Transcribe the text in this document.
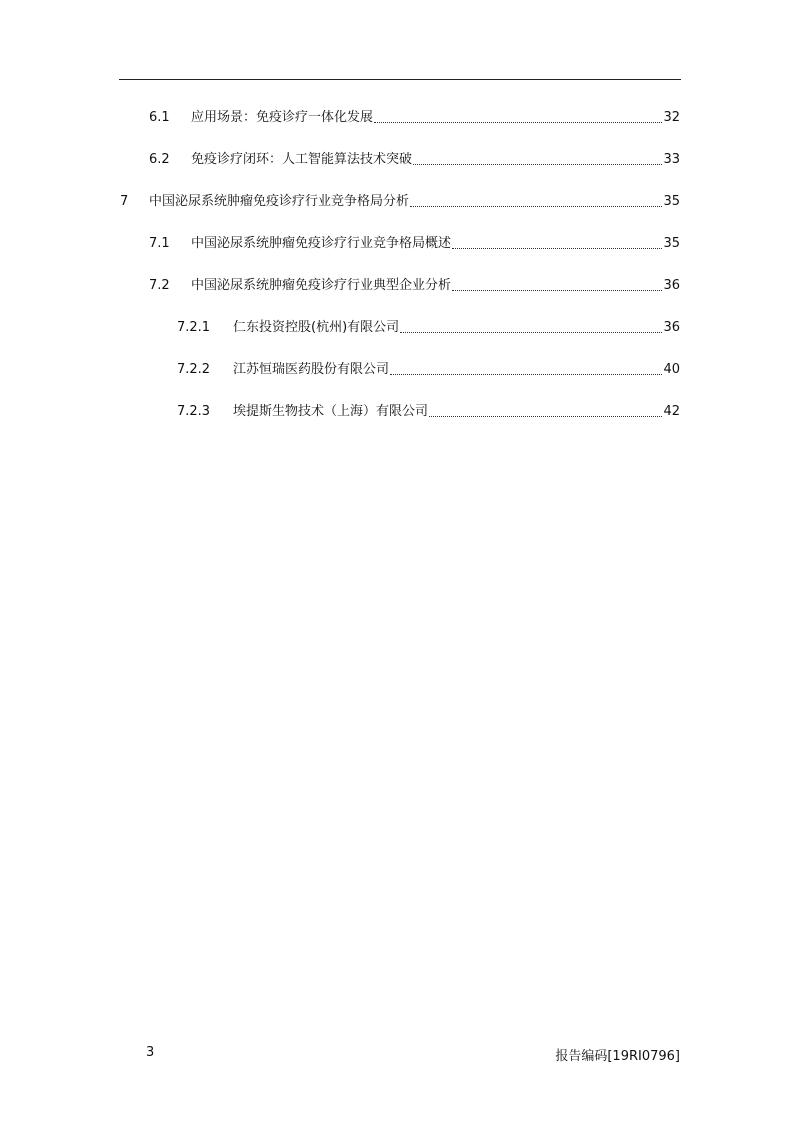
6.1	应用场景：免疫诊疗一体化发展	32
6.2	免疫诊疗闭环：人工智能算法技术突破	33
7	中国泌尿系统肿瘤免疫诊疗行业竞争格局分析	35
7.1	中国泌尿系统肿瘤免疫诊疗行业竞争格局概述	35
7.2	中国泌尿系统肿瘤免疫诊疗行业典型企业分析	36
7.2.1	仁东投资控股(杭州)有限公司	36
7.2.2	江苏恒瑞医药股份有限公司	40
7.2.3	埃提斯生物技术（上海）有限公司	42
3	报告编码[19RI0796]
